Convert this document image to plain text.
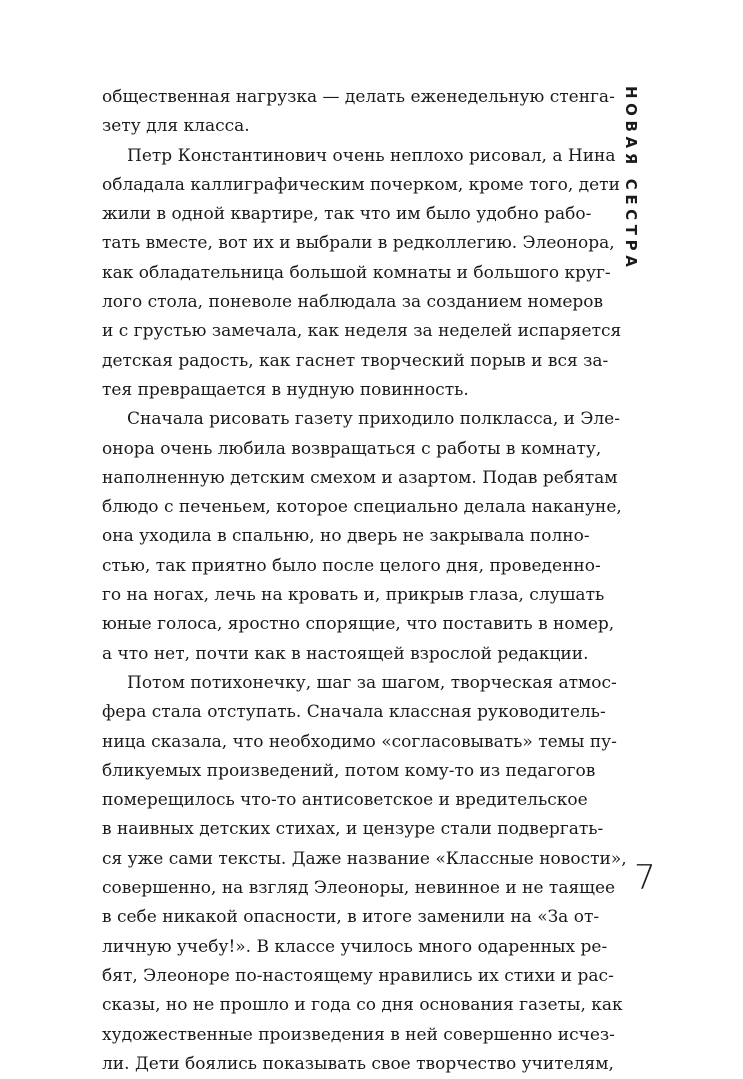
общественная нагрузка — делать еженедельную стенга-
зету для класса.
Петр Константинович очень неплохо рисовал, а Нина
обладала каллиграфическим почерком, кроме того, дети
жили в одной квартире, так что им было удобно рабо-
тать вместе, вот их и выбрали в редколлегию. Элеонора,
как обладательница большой комнаты и большого круг-
лого стола, поневоле наблюдала за созданием номеров
и с грустью замечала, как неделя за неделей испаряется
детская радость, как гаснет творческий порыв и вся за-
тея превращается в нудную повинность.
Сначала рисовать газету приходило полкласса, и Эле-
онора очень любила возвращаться с работы в комнату,
наполненную детским смехом и азартом. Подав ребятам
блюдо с печеньем, которое специально делала накануне,
она уходила в спальню, но дверь не закрывала полно-
стью, так приятно было после целого дня, проведенно-
го на ногах, лечь на кровать и, прикрыв глаза, слушать
юные голоса, яростно спорящие, что поставить в номер,
а что нет, почти как в настоящей взрослой редакции.
Потом потихонечку, шаг за шагом, творческая атмос-
фера стала отступать. Сначала классная руководитель-
ница сказала, что необходимо «согласовывать» темы пу-
бликуемых произведений, потом кому-то из педагогов
померещилось что-то антисоветское и вредительское
в наивных детских стихах, и цензуре стали подвергать-
ся уже сами тексты. Даже название «Классные новости»,
совершенно, на взгляд Элеоноры, невинное и не таящее
в себе никакой опасности, в итоге заменили на «За от-
личную учебу!». В классе училось много одаренных ре-
бят, Элеоноре по-настоящему нравились их стихи и рас-
сказы, но не прошло и года со дня основания газеты, как
художественные произведения в ней совершенно исчез-
ли. Дети боялись показывать свое творчество учителям,
НОВАЯ СЕСТРА
7
